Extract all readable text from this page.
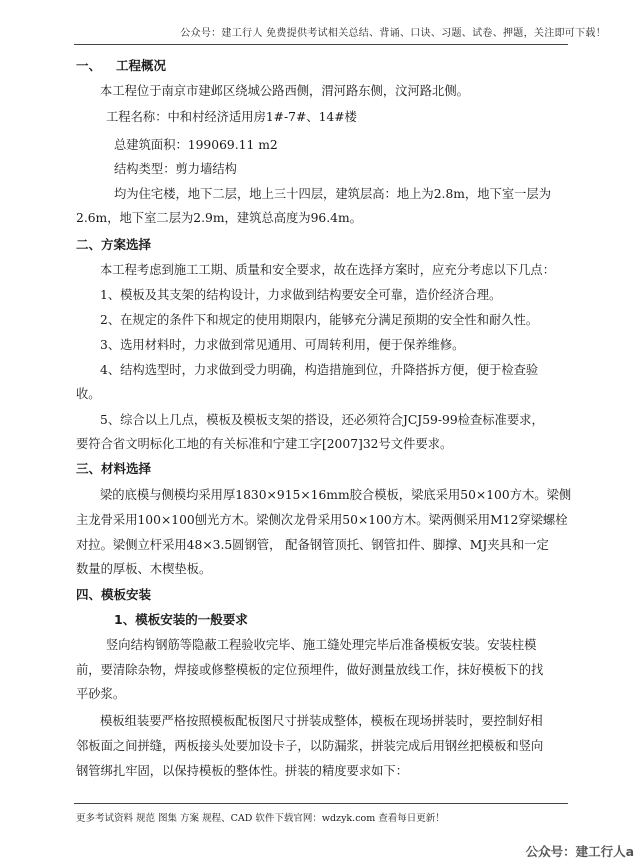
公众号：建工行人 免费提供考试相关总结、背诵、口诀、习题、试卷、押题，关注即可下载！
一、 工程概况
本工程位于南京市建邺区绕城公路西侧，渭河路东侧，汶河路北侧。
工程名称：中和村经济适用房1#-7#、14#楼
总建筑面积：199069.11 m2
结构类型：剪力墙结构
均为住宅楼，地下二层，地上三十四层，建筑层高：地上为2.8m，地下室一层为
2.6m，地下室二层为2.9m，建筑总高度为96.4m。
二、方案选择
本工程考虑到施工工期、质量和安全要求，故在选择方案时，应充分考虑以下几点：
1、模板及其支架的结构设计，力求做到结构要安全可靠，造价经济合理。
2、在规定的条件下和规定的使用期限内，能够充分满足预期的安全性和耐久性。
3、选用材料时，力求做到常见通用、可周转利用，便于保养维修。
4、结构选型时，力求做到受力明确，构造措施到位，升降搭拆方便，便于检查验
收。
5、综合以上几点，模板及模板支架的搭设，还必须符合JCJ59-99检查标准要求，
要符合省文明标化工地的有关标准和宁建工字[2007]32号文件要求。
三、材料选择
梁的底模与侧模均采用厚1830×915×16mm胶合模板，梁底采用50×100方木。梁侧
主龙骨采用100×100刨光方木。梁侧次龙骨采用50×100方木。梁两侧采用M12穿梁螺栓
对拉。梁侧立杆采用48×3.5圆钢管， 配备钢管顶托、钢管扣件、脚撑、MJ夹具和一定
数量的厚板、木楔垫板。
四、模板安装
1、模板安装的一般要求
竖向结构钢筋等隐蔽工程验收完毕、施工缝处理完毕后准备模板安装。安装柱模
前，要清除杂物，焊接或修整模板的定位预埋件，做好测量放线工作，抹好模板下的找
平砂浆。
模板组装要严格按照模板配板图尺寸拼装成整体，模板在现场拼装时，要控制好相
邻板面之间拼缝，两板接头处要加设卡子，以防漏浆，拼装完成后用钢丝把模板和竖向
钢管绑扎牢固，以保持模板的整体性。拼装的精度要求如下：
更多考试资料 规范 图集 方案 规程、CAD 软件下载官网：wdzyk.com 查看每日更新！
公众号：建工行人a
